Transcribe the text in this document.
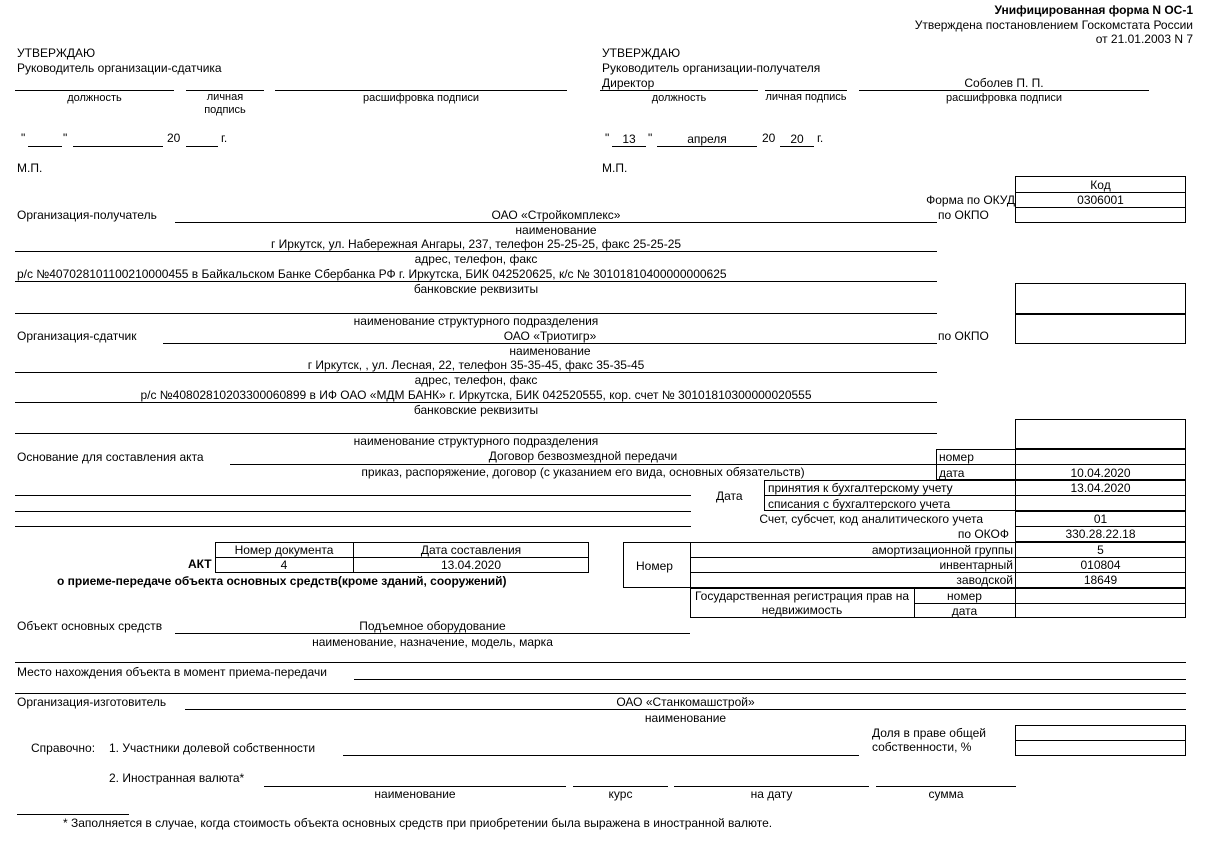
Унифицированная форма N ОС-1
Утверждена постановлением Госкомстата России
от 21.01.2003 N 7
УТВЕРЖДАЮ
Руководитель организации-сдатчика
должность	личная подпись
расшифровка подписи
"	"	20	г.
М.П.
УТВЕРЖДАЮ
Руководитель организации-получателя
Директор	Соболев П. П.
должность	личная подпись	расшифровка подписи
"	13	"	апреля	20	20	г.
М.П.
Код
Форма по ОКУД	0306001
по ОКПО
по ОКПО
Организация-получатель	ОАО «Стройкомплекс»
наименование
г Иркутск, ул. Набережная Ангары, 237, телефон 25-25-25, факс 25-25-25
адрес, телефон, факс
р/с №40702810110021000045​5 в Байкальском Банке Сбербанка РФ г. Иркутска, БИК 042520625, к/с № 30101810400000000625
банковские реквизиты
наименование структурного подразделения
Организация-сдатчик	ОАО «Триотигр»
наименование
г Иркутск, , ул. Лесная, 22, телефон 35-35-45, факс 35-35-45
адрес, телефон, факс
р/с №40802810203300060899 в ИФ ОАО «МДМ БАНК» г. Иркутска, БИК 042520555, кор. счет № 30101810300000020555
банковские реквизиты
наименование структурного подразделения
Основание для составления акта	Договор безвозмездной передачи
приказ, распоряжение, договор (с указанием его вида, основных обязательств)
номер
дата	10.04.2020
Дата
принятия к бухгалтерскому учету	13.04.2020
списания с бухгалтерского учета
Счет, субсчет, код аналитического учета	01
по ОКОФ	330.28.22.18
АКТ
Номер документа	Дата составления
4	13.04.2020
о приеме-передаче объекта основных средств(кроме зданий, сооружений)
Номер
амортизационной группы	5
инвентарный	010804
заводской	18649
Государственная регистрация прав на недвижимость
номер
дата
Объект основных средств	Подъемное оборудование
наименование, назначение, модель, марка
Место нахождения объекта в момент приема-передачи
Организация-изготовитель	ОАО «Станкомашстрой»
наименование
Справочно: 1. Участники долевой собственности
Доля в праве общей собственности, %
2. Иностранная валюта*
наименование	курс	на дату	сумма
* Заполняется в случае, когда стоимость объекта основных средств при приобретении была выражена в иностранной валюте.
